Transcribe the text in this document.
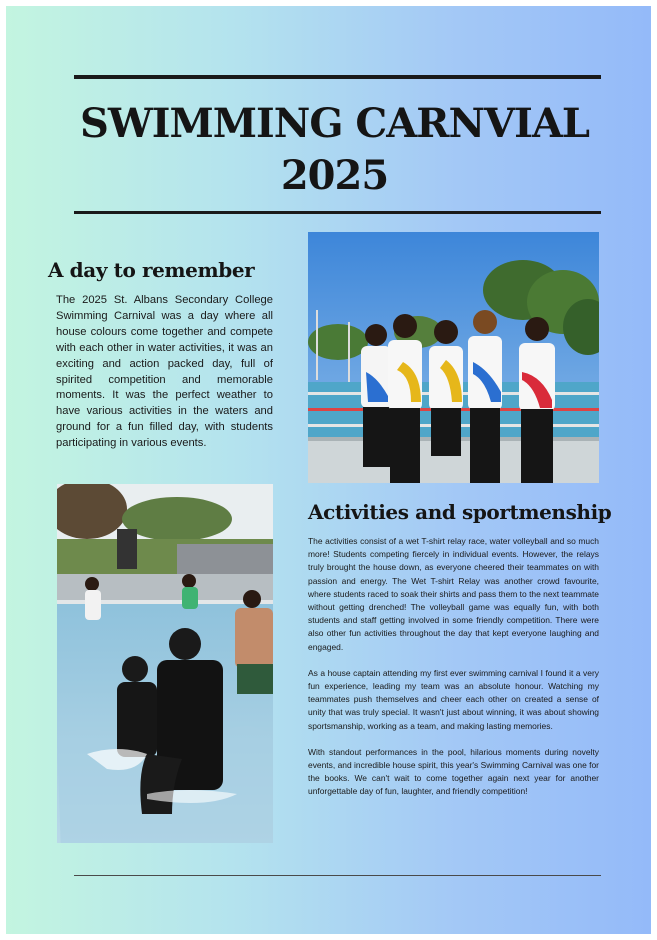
SWIMMING CARNVIAL
2025
A day to remember
The 2025 St. Albans Secondary College Swimming Carnival was a day where all house colours come together and compete with each other in water activities, it was an exciting and action packed day, full of spirited competition and memorable moments. It was the perfect weather to have various activities in the waters and ground for a fun filled day, with students participating in various events.
Activities and sportmenship

The activities consist of a wet T-shirt relay race, water volleyball and so much more! Students competing fiercely in individual events. However, the relays truly brought the house down, as everyone cheered their teammates on with passion and energy. The Wet T-shirt Relay was another crowd favourite, where students raced to soak their shirts and pass them to the next teammate without getting drenched! The volleyball game was equally fun, with both students and staff getting involved in some friendly competition. There were also other fun activities throughout the day that kept everyone laughing and engaged.

As a house captain attending my first ever swimming carnival I found it a very fun experience, leading my team was an absolute honour. Watching my teammates push themselves and cheer each other on created a sense of unity that was truly special. It wasn't just about winning, it was about showing sportsmanship, working as a team, and making lasting memories.

With standout performances in the pool, hilarious moments during novelty events, and incredible house spirit, this year's Swimming Carnival was one for the books. We can't wait to come together again next year for another unforgettable day of fun, laughter, and friendly competition!
